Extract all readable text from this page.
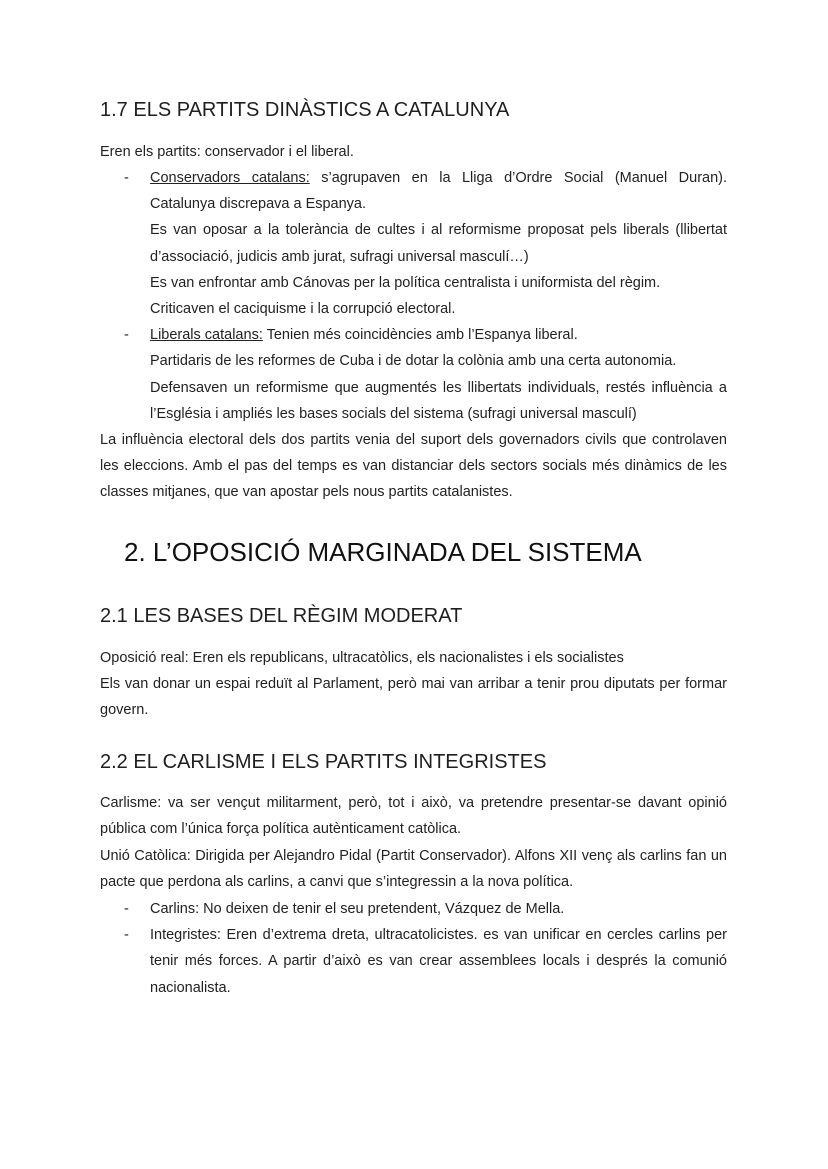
1.7 ELS PARTITS DINÀSTICS A CATALUNYA

Eren els partits: conservador i el liberal.

- Conservadors catalans: s’agrupaven en la Lliga d’Ordre Social (Manuel Duran). Catalunya discrepava a Espanya.
Es van oposar a la tolerància de cultes i al reformisme proposat pels liberals (llibertat d’associació, judicis amb jurat, sufragi universal masculí…)
Es van enfrontar amb Cánovas per la política centralista i uniformista del règim.
Criticaven el caciquisme i la corrupció electoral.
- Liberals catalans: Tenien més coincidències amb l’Espanya liberal.
Partidaris de les reformes de Cuba i de dotar la colònia amb una certa autonomia.
Defensaven un reformisme que augmentés les llibertats individuals, restés influència a l’Església i ampliés les bases socials del sistema (sufragi universal masculí)

La influència electoral dels dos partits venia del suport dels governadors civils que controlaven les eleccions. Amb el pas del temps es van distanciar dels sectors socials més dinàmics de les classes mitjanes, que van apostar pels nous partits catalanistes.

2. L’OPOSICIÓ MARGINADA DEL SISTEMA
2.1 LES BASES DEL RÈGIM MODERAT

Oposició real: Eren els republicans, ultracatòlics, els nacionalistes i els socialistes

Els van donar un espai reduït al Parlament, però mai van arribar a tenir prou diputats per formar govern.

2.2 EL CARLISME I ELS PARTITS INTEGRISTES

Carlisme: va ser vençut militarment, però, tot i això, va pretendre presentar-se davant opinió pública com l’única força política autènticament catòlica.

Unió Catòlica: Dirigida per Alejandro Pidal (Partit Conservador). Alfons XII venç als carlins fan un pacte que perdona als carlins, a canvi que s’integressin a la nova política.

- Carlins: No deixen de tenir el seu pretendent, Vázquez de Mella.
- Integristes: Eren d’extrema dreta, ultracatolicistes. es van unificar en cercles carlins per tenir més forces. A partir d’això es van crear assemblees locals i després la comunió nacionalista.
